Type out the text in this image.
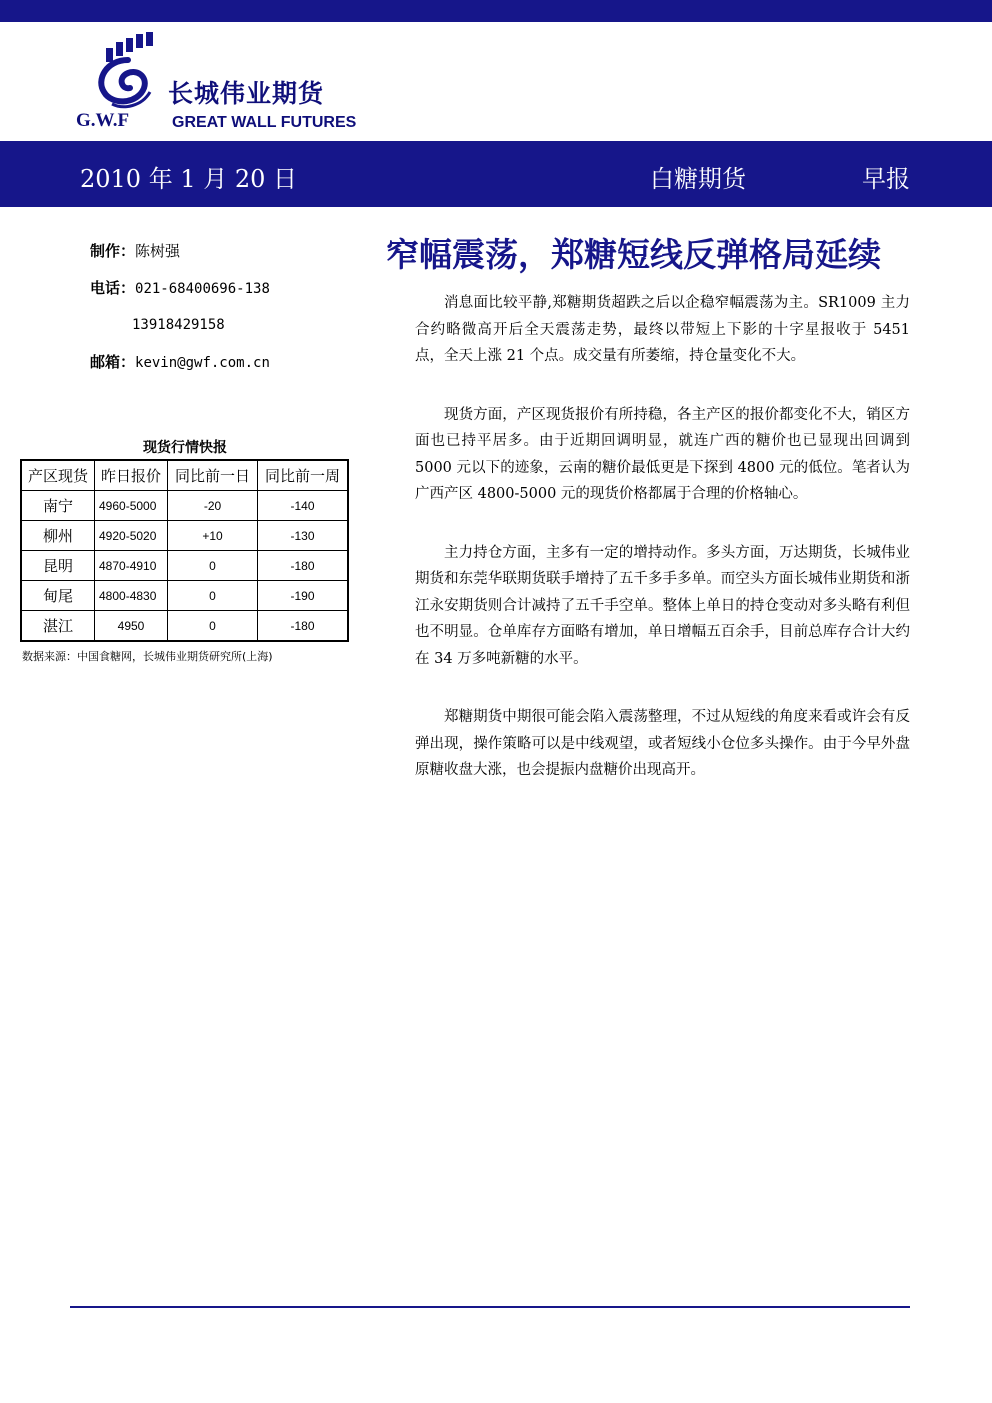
长城伟业期货
G.W.F	GREAT WALL FUTURES
2010 年 1 月 20 日	白糖期货	早报
制作：陈树强
电话：021-68400696-138
13918429158
邮箱：kevin@gwf.com.cn
现货行情快报
产区现货	昨日报价	同比前一日	同比前一周
南宁	4960-5000	-20	-140
柳州	4920-5020	+10	-130
昆明	4870-4910	0	-180
甸尾	4800-4830	0	-190
湛江	4950	0	-180
数据来源：中国食糖网，长城伟业期货研究所(上海)
窄幅震荡，郑糖短线反弹格局延续

消息面比较平静,郑糖期货超跌之后以企稳窄幅震荡为主。SR1009 主力合约略微高开后全天震荡走势，最终以带短上下影的十字星报收于 5451 点，全天上涨 21 个点。成交量有所萎缩，持仓量变化不大。

现货方面，产区现货报价有所持稳，各主产区的报价都变化不大，销区方面也已持平居多。由于近期回调明显，就连广西的糖价也已显现出回调到 5000 元以下的迹象，云南的糖价最低更是下探到 4800 元的低位。笔者认为广西产区 4800-5000 元的现货价格都属于合理的价格轴心。

主力持仓方面，主多有一定的增持动作。多头方面，万达期货，长城伟业期货和东莞华联期货联手增持了五千多手多单。而空头方面长城伟业期货和浙江永安期货则合计减持了五千手空单。整体上单日的持仓变动对多头略有利但也不明显。仓单库存方面略有增加，单日增幅五百余手，目前总库存合计大约在 34 万多吨新糖的水平。

郑糖期货中期很可能会陷入震荡整理，不过从短线的角度来看或许会有反弹出现，操作策略可以是中线观望，或者短线小仓位多头操作。由于今早外盘原糖收盘大涨，也会提振内盘糖价出现高开。
